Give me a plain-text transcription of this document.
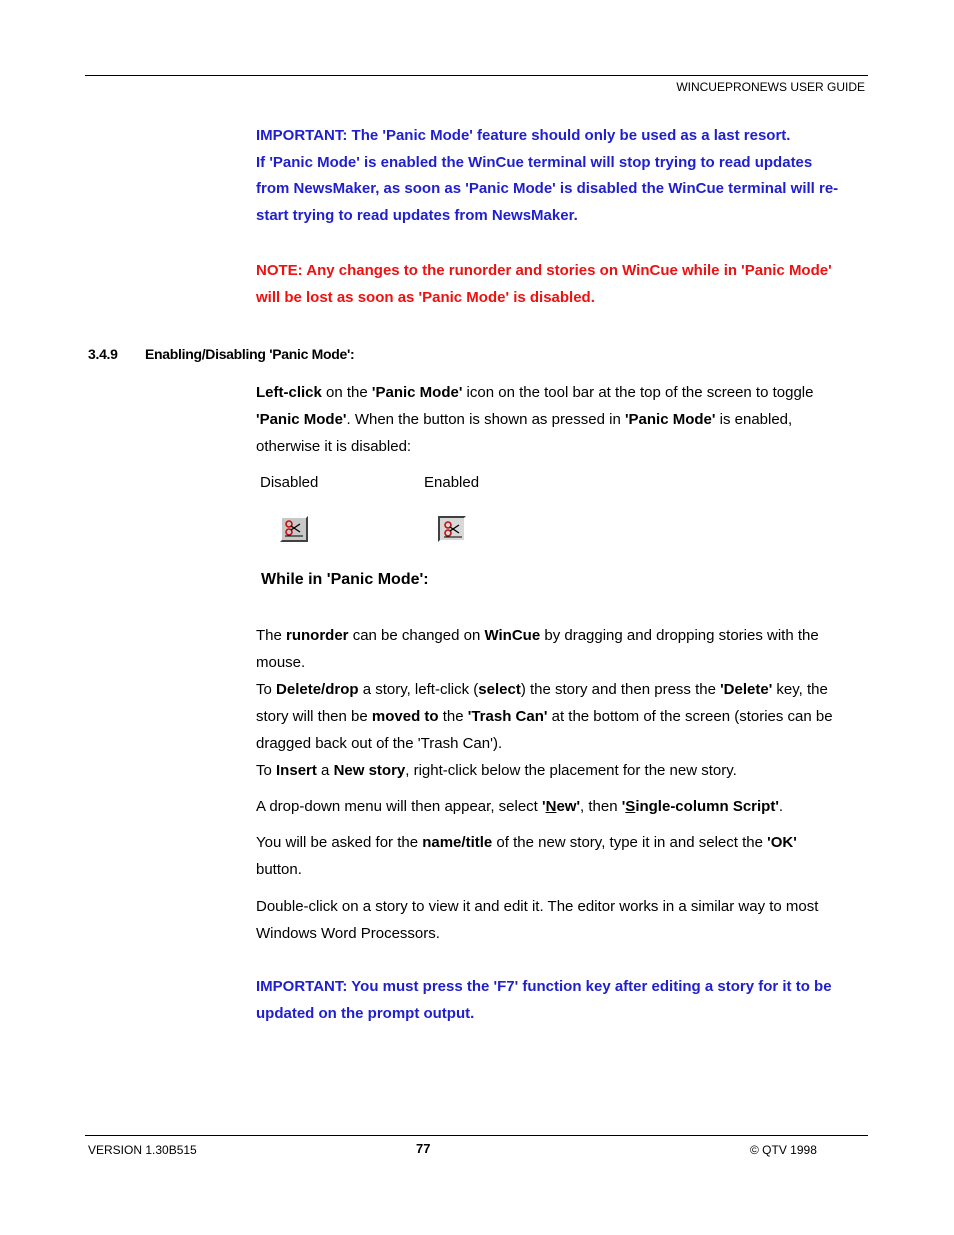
WINCUEPRONEWS USER GUIDE
IMPORTANT: The 'Panic Mode' feature should only be used as a last resort.
If 'Panic Mode' is enabled the WinCue terminal will stop trying to read updates
from NewsMaker, as soon as 'Panic Mode' is disabled the WinCue terminal will re-
start trying to read updates from NewsMaker.
NOTE: Any changes to the runorder and stories on WinCue while in 'Panic Mode'
will be lost as soon as 'Panic Mode' is disabled.
3.4.9 Enabling/Disabling 'Panic Mode':
Left-click on the 'Panic Mode' icon on the tool bar at the top of the screen to toggle
'Panic Mode'. When the button is shown as pressed in 'Panic Mode' is enabled,
otherwise it is disabled:
Disabled	Enabled
While in 'Panic Mode':
The runorder can be changed on WinCue by dragging and dropping stories with the
mouse.
To Delete/drop a story, left-click (select) the story and then press the 'Delete' key, the
story will then be moved to the 'Trash Can' at the bottom of the screen (stories can be
dragged back out of the 'Trash Can').
To Insert a New story, right-click below the placement for the new story.
A drop-down menu will then appear, select 'New', then 'Single-column Script'.
You will be asked for the name/title of the new story, type it in and select the 'OK'
button.
Double-click on a story to view it and edit it. The editor works in a similar way to most
Windows Word Processors.
IMPORTANT: You must press the 'F7' function key after editing a story for it to be
updated on the prompt output.
VERSION 1.30B515	77	© QTV 1998
